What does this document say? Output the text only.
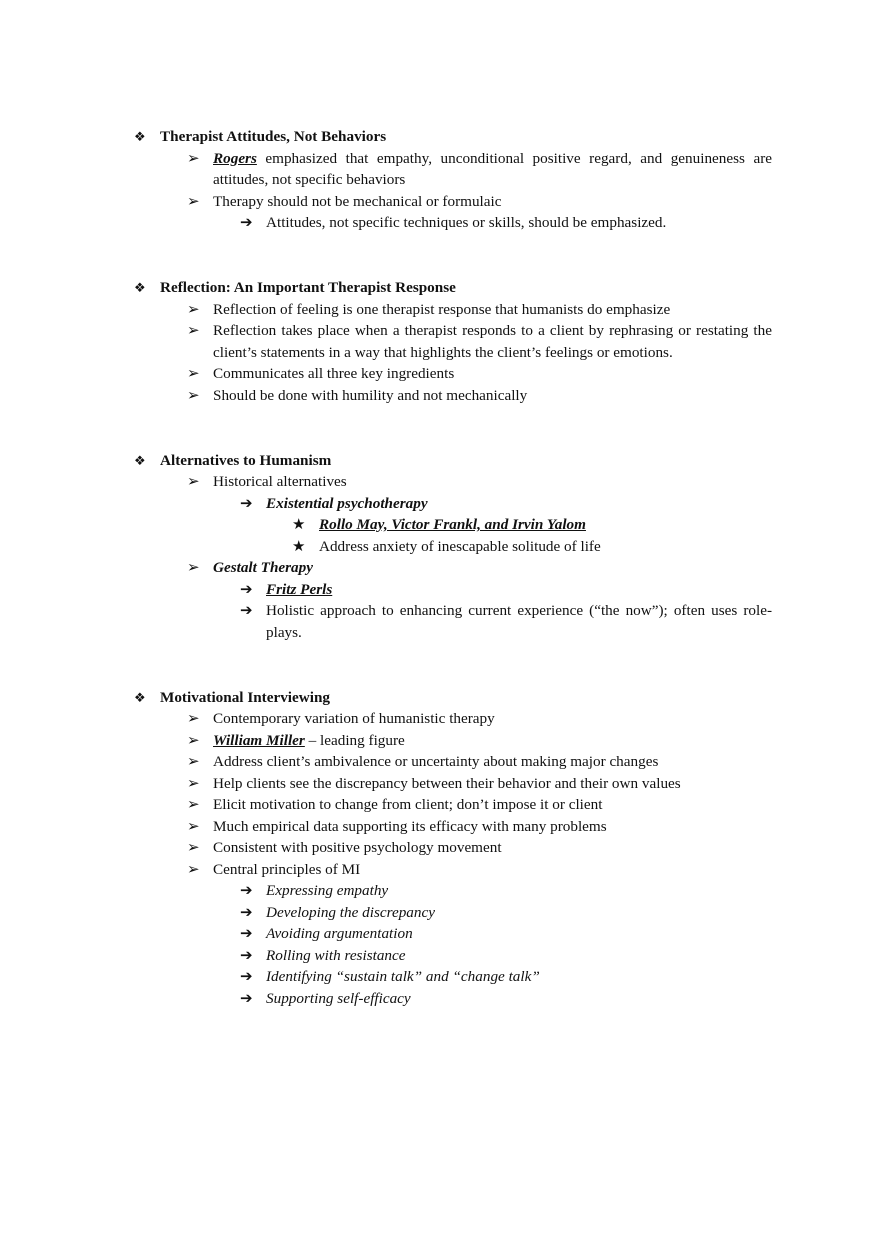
❖ Therapist Attitudes, Not Behaviors
➢ Rogers emphasized that empathy, unconditional positive regard, and genuineness are attitudes, not specific behaviors
➢ Therapy should not be mechanical or formulaic
➔ Attitudes, not specific techniques or skills, should be emphasized.
❖ Reflection: An Important Therapist Response
➢ Reflection of feeling is one therapist response that humanists do emphasize
➢ Reflection takes place when a therapist responds to a client by rephrasing or restating the client’s statements in a way that highlights the client’s feelings or emotions.
➢ Communicates all three key ingredients
➢ Should be done with humility and not mechanically
❖ Alternatives to Humanism
➢ Historical alternatives
➔ Existential psychotherapy
★ Rollo May, Victor Frankl, and Irvin Yalom
★ Address anxiety of inescapable solitude of life
➢ Gestalt Therapy
➔ Fritz Perls
➔ Holistic approach to enhancing current experience (“the now”); often uses role-plays.
❖ Motivational Interviewing
➢ Contemporary variation of humanistic therapy
➢ William Miller – leading figure
➢ Address client’s ambivalence or uncertainty about making major changes
➢ Help clients see the discrepancy between their behavior and their own values
➢ Elicit motivation to change from client; don’t impose it or client
➢ Much empirical data supporting its efficacy with many problems
➢ Consistent with positive psychology movement
➢ Central principles of MI
➔ Expressing empathy
➔ Developing the discrepancy
➔ Avoiding argumentation
➔ Rolling with resistance
➔ Identifying “sustain talk” and “change talk”
➔ Supporting self-efficacy
